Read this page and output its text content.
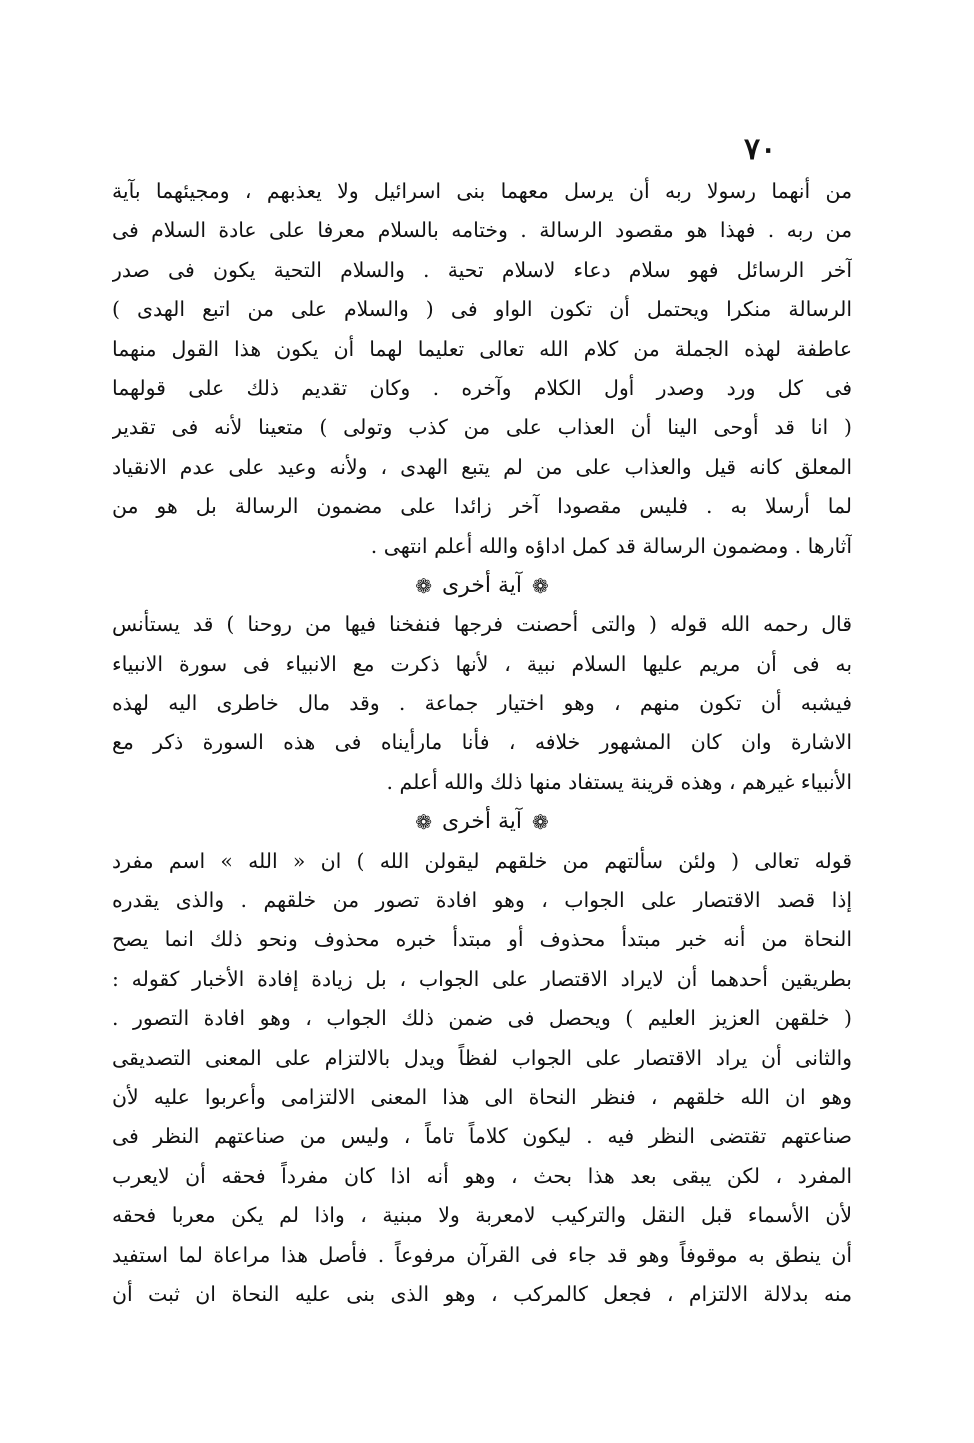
٧٠
من أنهما رسولا ربه أن يرسل معهما بنى اسرائيل ولا يعذبهم ، ومجيئهما بآية
من ربه . فهذا هو مقصود الرسالة . وختامه بالسلام معرفا على عادة السلام فى
آخر الرسائل فهو سلام دعاء لاسلام تحية . والسلام التحية يكون فى صدر
الرسالة منكرا ويحتمل أن تكون الواو فى ( والسلام على من اتبع الهدى )
عاطفة لهذه الجملة من كلام الله تعالى تعليما لهما أن يكون هذا القول منهما
فى كل ورد وصدر أول الكلام وآخره . وكان تقديم ذلك على قولهما
( انا قد أوحى الينا أن العذاب على من كذب وتولى ) متعينا لأنه فى تقدير
المعلق كانه قيل والعذاب على من لم يتبع الهدى ، ولأنه وعيد على عدم الانقياد
لما أرسلا به . فليس مقصودا آخر زائدا على مضمون الرسالة بل هو من
آثارها . ومضمون الرسالة قد كمل اداؤه والله أعلم انتهى .
❁
آية أخرى
❁
قال رحمه الله قوله ( والتى أحصنت فرجها فنفخنا فيها من روحنا ) قد يستأنس
به فى أن مريم عليها السلام نبية ، لأنها ذكرت مع الانبياء فى سورة الانبياء
فيشبه أن تكون منهم ، وهو اختيار جماعة . وقد مال خاطرى اليه لهذه
الاشارة وان كان المشهور خلافه ، فأنا مارأيناه فى هذه السورة ذكر مع
الأنبياء غيرهم ، وهذه قرينة يستفاد منها ذلك والله أعلم .
❁
آية أخرى
❁
قوله تعالى ( ولئن سألتهم من خلقهم ليقولن الله ) ان « الله » اسم مفرد
إذا قصد الاقتصار على الجواب ، وهو افادة تصور من خلقهم . والذى يقدره
النحاة من أنه خبر مبتدأ محذوف أو مبتدأ خبره محذوف ونحو ذلك انما يصح
بطريقين أحدهما أن لايراد الاقتصار على الجواب ، بل زيادة إفادة الأخبار كقوله :
( خلقهن العزيز العليم ) ويحصل فى ضمن ذلك الجواب ، وهو افادة التصور .
والثانى أن يراد الاقتصار على الجواب لفظاً ويدل بالالتزام على المعنى التصديقى
وهو ان الله خلقهم ، فنظر النحاة الى هذا المعنى الالتزامى وأعربوا عليه لأن
صناعتهم تقتضى النظر فيه . ليكون كلاماً تاماً ، وليس من صناعتهم النظر فى
المفرد ، لكن يبقى بعد هذا بحث ، وهو أنه اذا كان مفرداً فحقه أن لايعرب
لأن الأسماء قبل النقل والتركيب لامعربة ولا مبنية ، واذا لم يكن معربا فحقه
أن ينطق به موقوفاً وهو قد جاء فى القرآن مرفوعاً . فأصل هذا مراعاة لما استفيد
منه بدلالة الالتزام ، فجعل كالمركب ، وهو الذى بنى عليه النحاة ان ثبت أن
